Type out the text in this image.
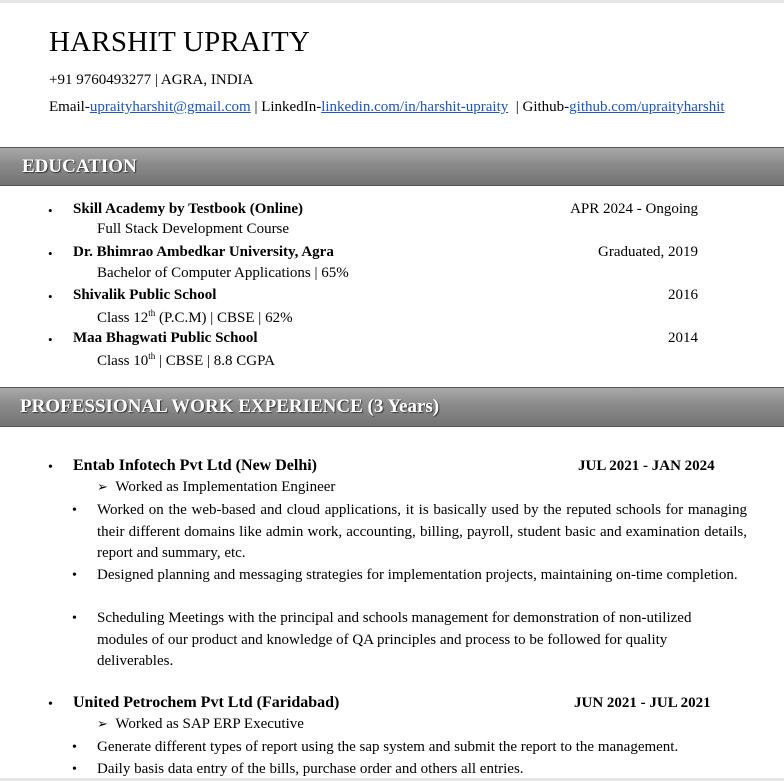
HARSHIT UPRAITY
+91 9760493277 | AGRA, INDIA
Email-upraityharshit@gmail.com | LinkedIn-linkedin.com/in/harshit-upraity  | Github-github.com/upraityharshit
EDUCATION
• Skill Academy by Testbook (Online)	APR 2024 - Ongoing
Full Stack Development Course
• Dr. Bhimrao Ambedkar University, Agra	Graduated, 2019
Bachelor of Computer Applications | 65%
• Shivalik Public School	2016
Class 12th (P.C.M) | CBSE | 62%
• Maa Bhagwati Public School	2014
Class 10th | CBSE | 8.8 CGPA
PROFESSIONAL WORK EXPERIENCE (3 Years)
• Entab Infotech Pvt Ltd (New Delhi)	JUL 2021 - JAN 2024
➢ Worked as Implementation Engineer
• Worked on the web-based and cloud applications, it is basically used by the reputed schools for managing their different domains like admin work, accounting, billing, payroll, student basic and examination details, report and summary, etc.
• Designed planning and messaging strategies for implementation projects, maintaining on-time completion.
• Scheduling Meetings with the principal and schools management for demonstration of non-utilized modules of our product and knowledge of QA principles and process to be followed for quality deliverables.
• United Petrochem Pvt Ltd (Faridabad)	JUN 2021 - JUL 2021
➢ Worked as SAP ERP Executive
• Generate different types of report using the sap system and submit the report to the management.
• Daily basis data entry of the bills, purchase order and others all entries.
